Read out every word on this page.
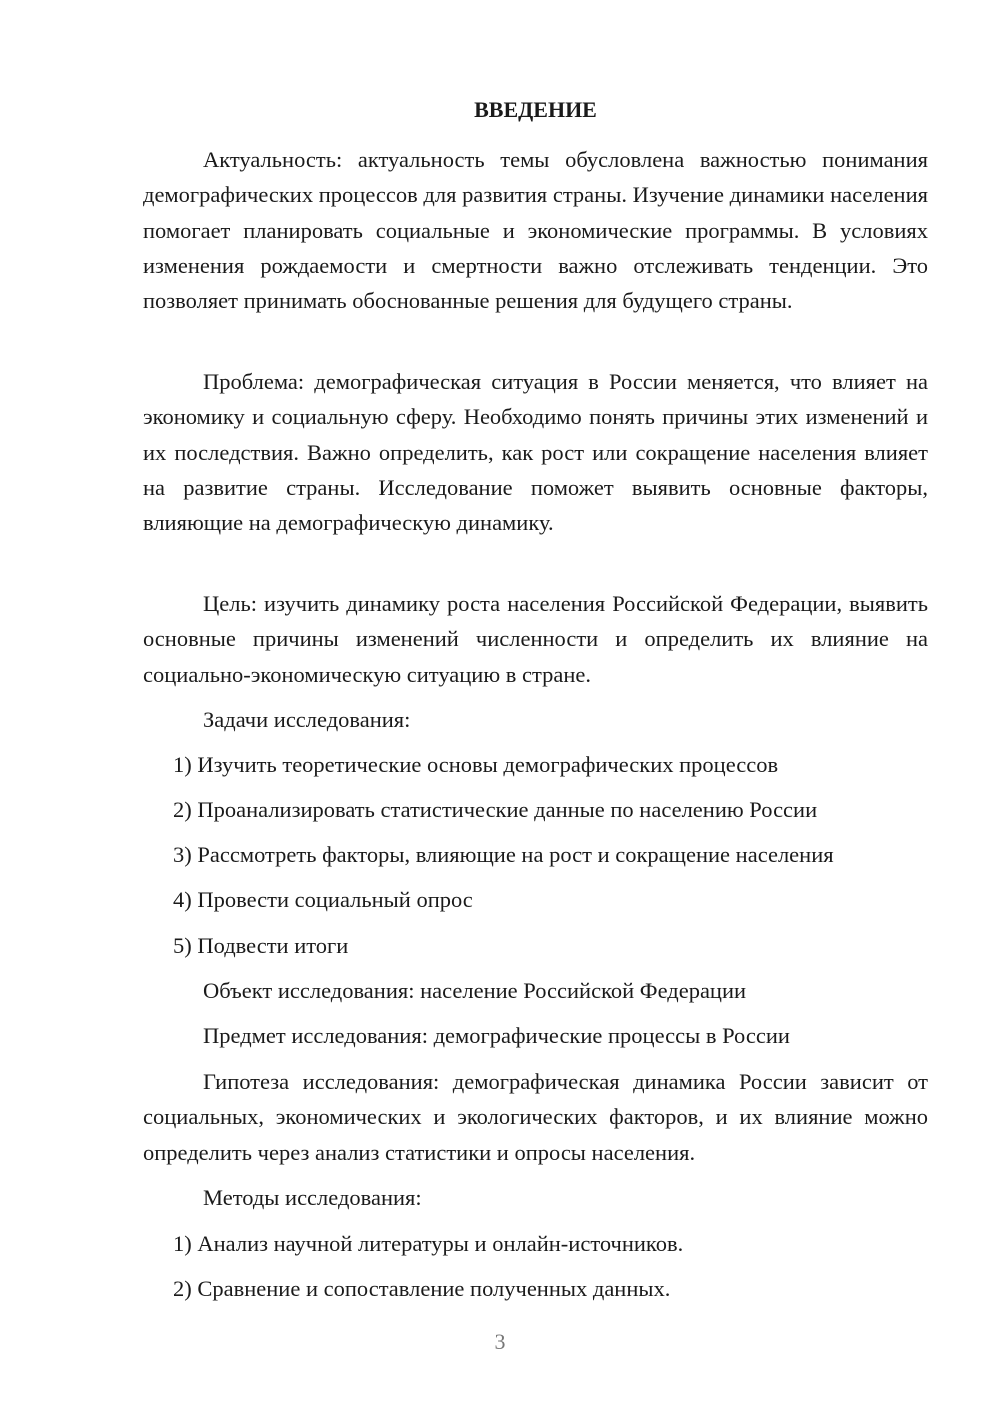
ВВЕДЕНИЕ

Актуальность: актуальность темы обусловлена важностью понимания демографических процессов для развития страны. Изучение динамики населения помогает планировать социальные и экономические программы. В условиях изменения рождаемости и смертности важно отслеживать тенденции. Это позволяет принимать обоснованные решения для будущего страны.

Проблема: демографическая ситуация в России меняется, что влияет на экономику и социальную сферу. Необходимо понять причины этих изменений и их последствия. Важно определить, как рост или сокращение населения влияет на развитие страны. Исследование поможет выявить основные факторы, влияющие на демографическую динамику.

Цель: изучить динамику роста населения Российской Федерации, выявить основные причины изменений численности и определить их влияние на социально-экономическую ситуацию в стране.

Задачи исследования:

1) Изучить теоретические основы демографических процессов

2) Проанализировать статистические данные по населению России

3) Рассмотреть факторы, влияющие на рост и сокращение населения

4) Провести социальный опрос

5) Подвести итоги

Объект исследования: население Российской Федерации

Предмет исследования: демографические процессы в России

Гипотеза исследования: демографическая динамика России зависит от социальных, экономических и экологических факторов, и их влияние можно определить через анализ статистики и опросы населения.

Методы исследования:

1) Анализ научной литературы и онлайн-источников.

2) Сравнение и сопоставление полученных данных.

3
